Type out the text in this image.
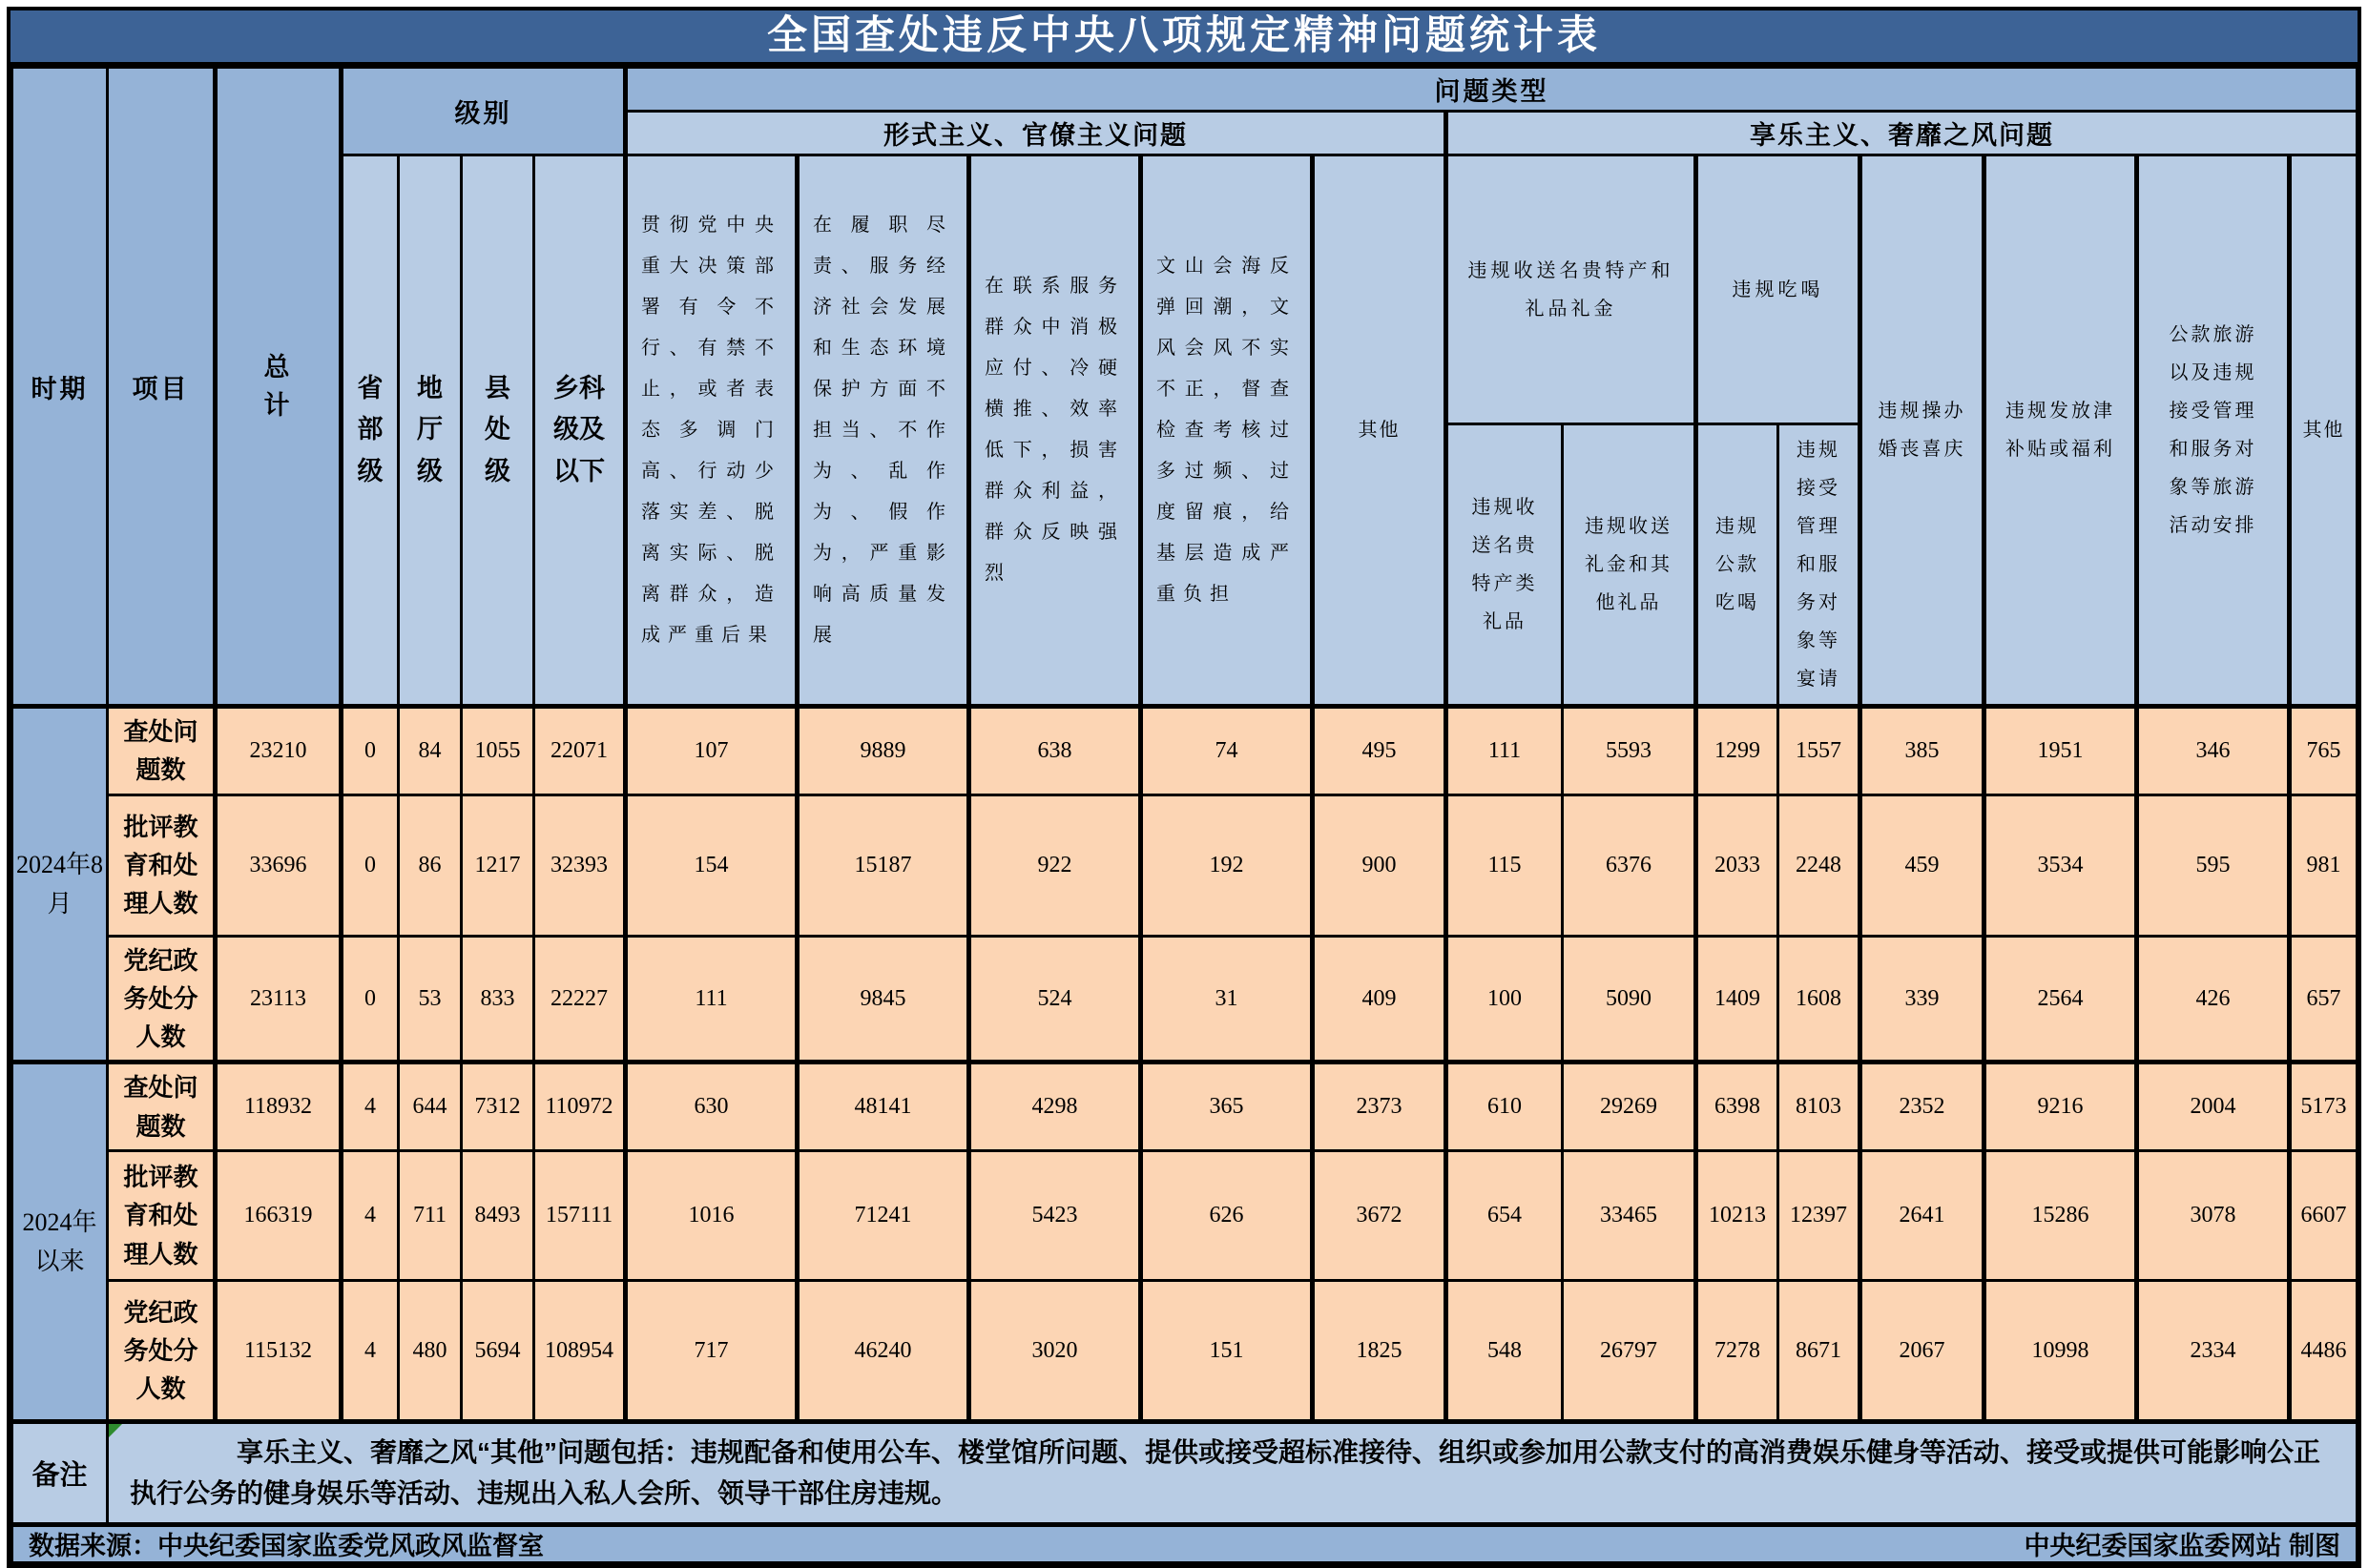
全国查处违反中央八项规定精神问题统计表
时期	项目	总计	级别				问题类型												
							形式主义、官僚主义问题					享乐主义、奢靡之风问题							
			省部级	地厅级	县处级	乡科级及以下	贯彻党中央重大决策部署有令不行、有禁不止，或者表态多调门高、行动少落实差、脱离实际、脱离群众，造成严重后果	在履职尽责、服务经济社会发展和生态环境保护方面不担当、不作为、乱作为、假作为，严重影响高质量发展	在联系服务群众中消极应付、冷硬横推、效率低下，损害群众利益，群众反映强烈	文山会海反弹回潮，文风会风不实不正，督查检查考核过多过频、过度留痕，给基层造成严重负担	其他	违规收送名贵特产和礼品礼金		违规吃喝		违规操办婚丧喜庆	违规发放津补贴或福利	公款旅游以及违规接受管理和服务对象等旅游活动安排	其他
												违规收送名贵特产类礼品	违规收送礼金和其他礼品	违规公款吃喝	违规接受管理和服务对象等宴请				
2024年8月	查处问题数	23210	0	84	1055	22071	107	9889	638	74	495	111	5593	1299	1557	385	1951	346	765
	批评教育和处理人数	33696	0	86	1217	32393	154	15187	922	192	900	115	6376	2033	2248	459	3534	595	981
	党纪政务处分人数	23113	0	53	833	22227	111	9845	524	31	409	100	5090	1409	1608	339	2564	426	657
2024年以来	查处问题数	118932	4	644	7312	110972	630	48141	4298	365	2373	610	29269	6398	8103	2352	9216	2004	5173
	批评教育和处理人数	166319	4	711	8493	157111	1016	71241	5423	626	3672	654	33465	10213	12397	2641	15286	3078	6607
	党纪政务处分人数	115132	4	480	5694	108954	717	46240	3020	151	1825	548	26797	7278	8671	2067	10998	2334	4486
备注	享乐主义、奢靡之风“其他”问题包括：违规配备和使用公车、楼堂馆所问题、提供或接受超标准接待、组织或参加用公款支付的高消费娱乐健身等活动、接受或提供可能影响公正执行公务的健身娱乐等活动、违规出入私人会所、领导干部住房违规。																		

数据来源：中央纪委国家监委党风政风监督室 中央纪委国家监委网站 制图																			
